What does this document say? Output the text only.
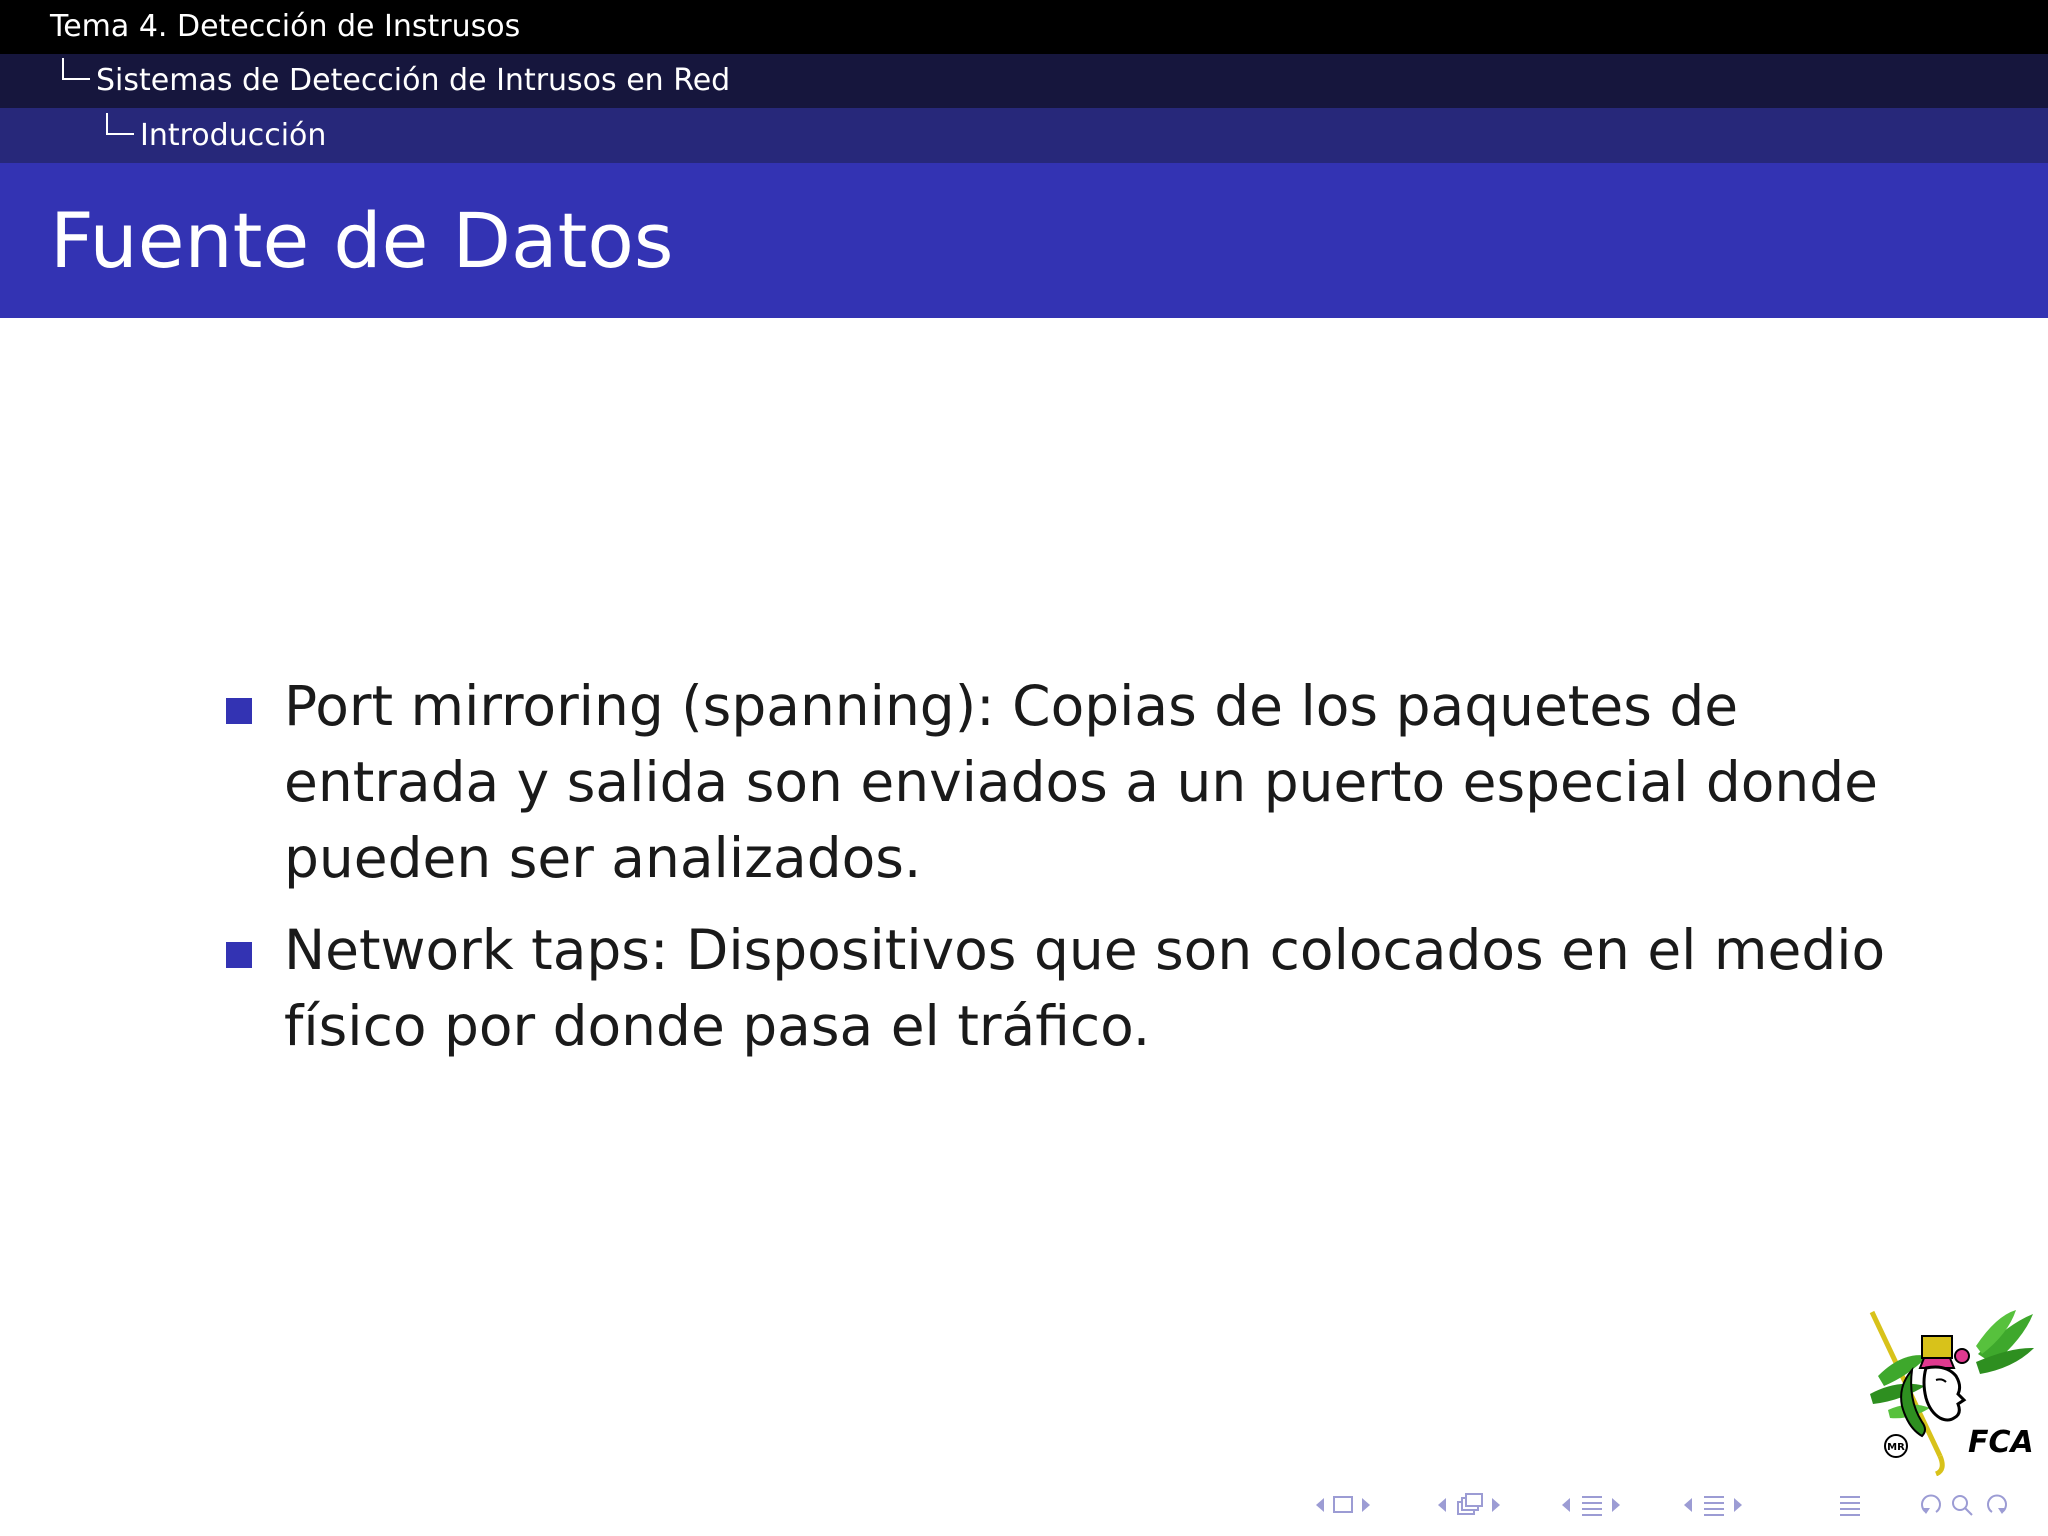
Tema 4. Detección de Instrusos
Sistemas de Detección de Intrusos en Red
Introducción
Fuente de Datos
Port mirroring (spanning): Copias de los paquetes de entrada y salida son enviados a un puerto especial donde pueden ser analizados.
Network taps: Dispositivos que son colocados en el medio físico por donde pasa el tráfico.
MR FCA
